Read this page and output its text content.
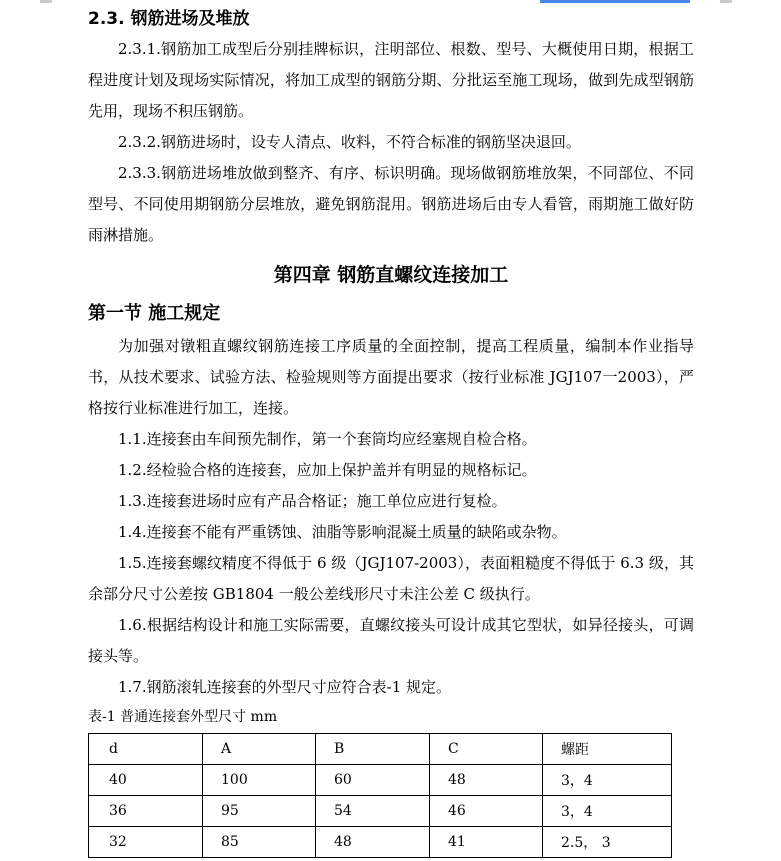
2.3. 钢筋进场及堆放

2.3.1.钢筋加工成型后分别挂牌标识，注明部位、根数、型号、大概使用日期，根据工程进度计划及现场实际情况，将加工成型的钢筋分期、分批运至施工现场，做到先成型钢筋先用，现场不积压钢筋。

2.3.2.钢筋进场时，设专人清点、收料，不符合标准的钢筋坚决退回。

2.3.3.钢筋进场堆放做到整齐、有序、标识明确。现场做钢筋堆放架，不同部位、不同型号、不同使用期钢筋分层堆放，避免钢筋混用。钢筋进场后由专人看管，雨期施工做好防雨淋措施。

第四章 钢筋直螺纹连接加工
第一节 施工规定

为加强对镦粗直螺纹钢筋连接工序质量的全面控制，提高工程质量，编制本作业指导书，从技术要求、试验方法、检验规则等方面提出要求（按行业标准 JGJ107一2003），严格按行业标准进行加工，连接。

1.1.连接套由车间预先制作，第一个套筒均应经塞规自检合格。

1.2.经检验合格的连接套，应加上保护盖并有明显的规格标记。

1.3.连接套进场时应有产品合格证；施工单位应进行复检。

1.4.连接套不能有严重锈蚀、油脂等影响混凝土质量的缺陷或杂物。

1.5.连接套螺纹精度不得低于 6 级（JGJ107-2003），表面粗糙度不得低于 6.3 级，其余部分尺寸公差按 GB1804 一般公差线形尺寸未注公差 C 级执行。

1.6.根据结构设计和施工实际需要，直螺纹接头可设计成其它型状，如异径接头，可调接头等。

1.7.钢筋滚轧连接套的外型尺寸应符合表-1 规定。

表-1 普通连接套外型尺寸 mm

d	A	B	C	螺距
40	100	60	48	3，4
36	95	54	46	3，4
32	85	48	41	2.5， 3
